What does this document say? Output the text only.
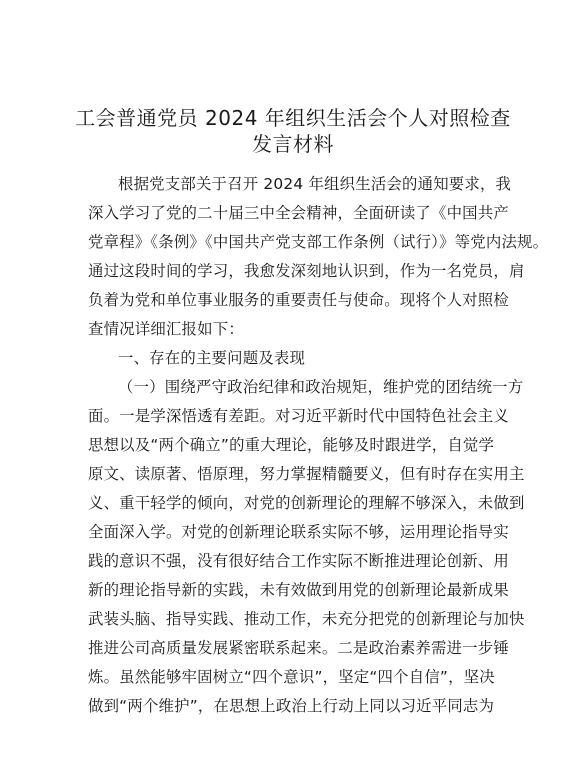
工会普通党员 2024 年组织生活会个人对照检查
发言材料
根据党支部关于召开 2024 年组织生活会的通知要求，我
深入学习了党的二十届三中全会精神，全面研读了《中国共产
党章程》《条例》《中国共产党支部工作条例（试行）》等党内法规。
通过这段时间的学习，我愈发深刻地认识到，作为一名党员，肩
负着为党和单位事业服务的重要责任与使命。现将个人对照检
查情况详细汇报如下：
一、存在的主要问题及表现
（一）围绕严守政治纪律和政治规矩，维护党的团结统一方
面。一是学深悟透有差距。对习近平新时代中国特色社会主义
思想以及“两个确立”的重大理论，能够及时跟进学，自觉学
原文、读原著、悟原理，努力掌握精髓要义，但有时存在实用主
义、重干轻学的倾向，对党的创新理论的理解不够深入，未做到
全面深入学。对党的创新理论联系实际不够，运用理论指导实
践的意识不强，没有很好结合工作实际不断推进理论创新、用
新的理论指导新的实践，未有效做到用党的创新理论最新成果
武装头脑、指导实践、推动工作，未充分把党的创新理论与加快
推进公司高质量发展紧密联系起来。二是政治素养需进一步锤
炼。虽然能够牢固树立“四个意识”，坚定“四个自信”，坚决
做到“两个维护”，在思想上政治上行动上同以习近平同志为
